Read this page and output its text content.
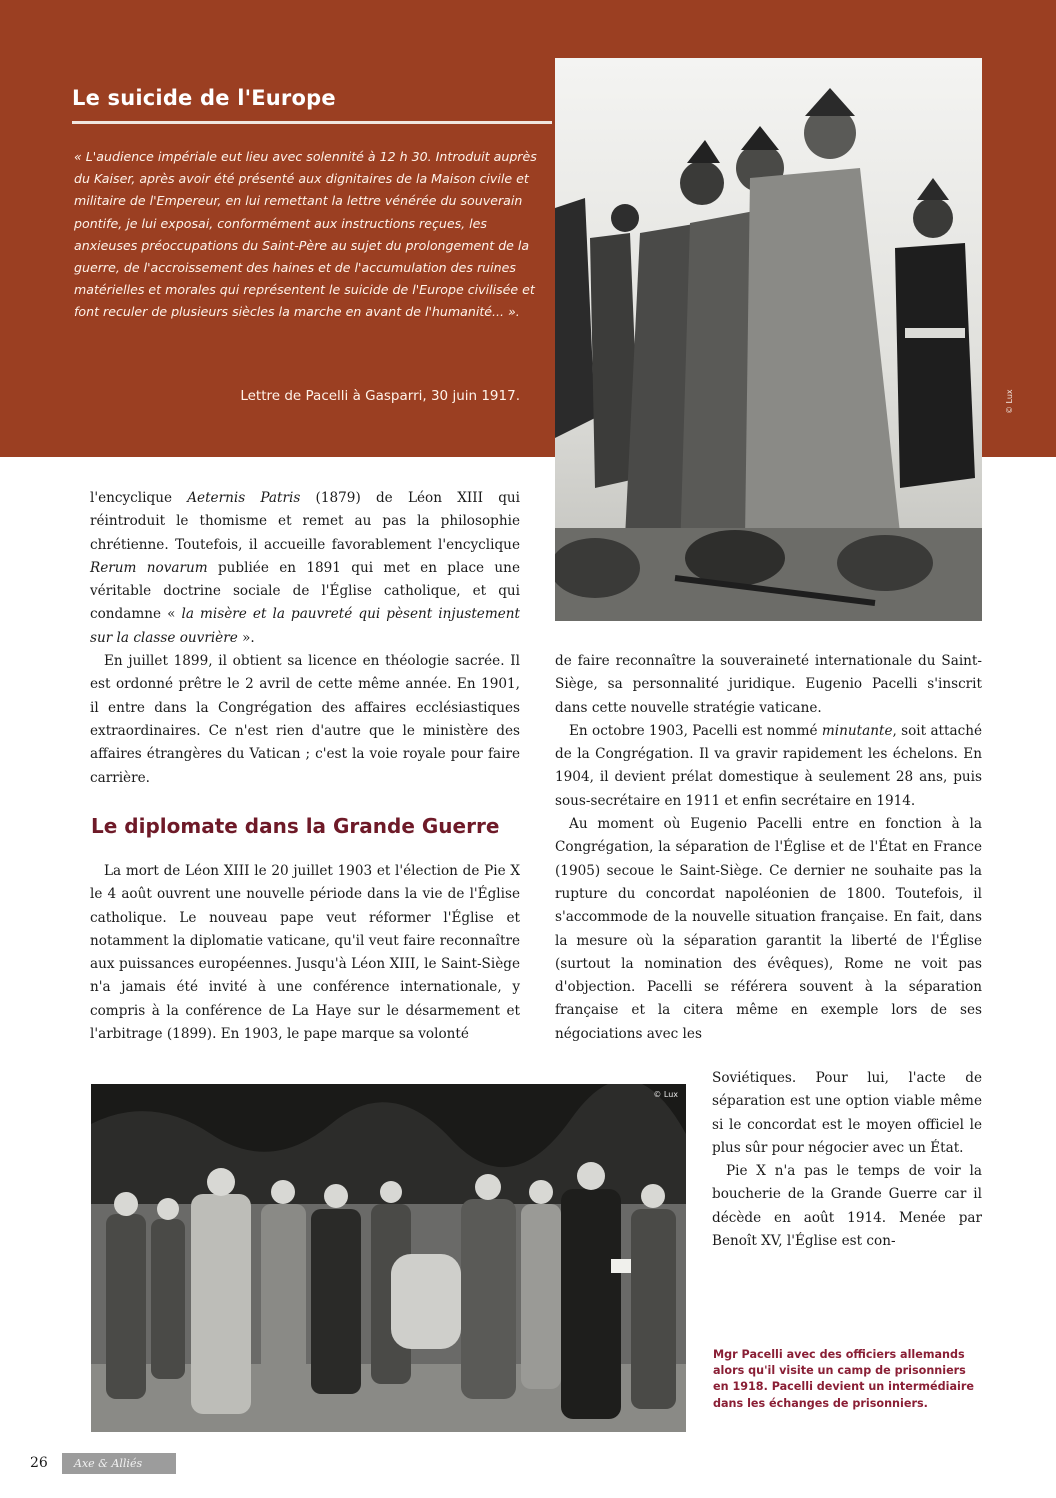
Le suicide de l'Europe

« L'audience impériale eut lieu avec solennité à 12 h 30. Introduit auprès du Kaiser, après avoir été présenté aux dignitaires de la Maison civile et militaire de l'Empereur, en lui remettant la lettre vénérée du souverain pontife, je lui exposai, conformément aux instructions reçues, les anxieuses préoccupations du Saint-Père au sujet du prolongement de la guerre, de l'accroissement des haines et de l'accumulation des ruines matérielles et morales qui représentent le suicide de l'Europe civilisée et font reculer de plusieurs siècles la marche en avant de l'humanité... ».

Lettre de Pacelli à Gasparri, 30 juin 1917.	© Lux

l'encyclique Aeternis Patris (1879) de Léon XIII qui réintroduit le thomisme et remet au pas la philosophie chrétienne. Toutefois, il accueille favorablement l'encyclique Rerum novarum publiée en 1891 qui met en place une véritable doctrine sociale de l'Église catholique, et qui condamne « la misère et la pauvreté qui pèsent injustement sur la classe ouvrière ».

En juillet 1899, il obtient sa licence en théologie sacrée. Il est ordonné prêtre le 2 avril de cette même année. En 1901, il entre dans la Congrégation des affaires ecclésiastiques extraordinaires. Ce n'est rien d'autre que le ministère des affaires étrangères du Vatican ; c'est la voie royale pour faire carrière.

Le diplomate dans la Grande Guerre

La mort de Léon XIII le 20 juillet 1903 et l'élection de Pie X le 4 août ouvrent une nouvelle période dans la vie de l'Église catholique. Le nouveau pape veut réformer l'Église et notamment la diplomatie vaticane, qu'il veut faire reconnaître aux puissances européennes. Jusqu'à Léon XIII, le Saint-Siège n'a jamais été invité à une conférence internationale, y compris à la conférence de La Haye sur le désarmement et l'arbitrage (1899). En 1903, le pape marque sa volonté

de faire reconnaître la souveraineté internationale du Saint-Siège, sa personnalité juridique. Eugenio Pacelli s'inscrit dans cette nouvelle stratégie vaticane.

En octobre 1903, Pacelli est nommé minutante, soit attaché de la Congrégation. Il va gravir rapidement les échelons. En 1904, il devient prélat domestique à seulement 28 ans, puis sous-secrétaire en 1911 et enfin secrétaire en 1914.

Au moment où Eugenio Pacelli entre en fonction à la Congrégation, la séparation de l'Église et de l'État en France (1905) secoue le Saint-Siège. Ce dernier ne souhaite pas la rupture du concordat napoléonien de 1800. Toutefois, il s'accommode de la nouvelle situation française. En fait, dans la mesure où la séparation garantit la liberté de l'Église (surtout la nomination des évêques), Rome ne voit pas d'objection. Pacelli se référera souvent à la séparation française et la citera même en exemple lors de ses négociations avec les

Soviétiques. Pour lui, l'acte de séparation est une option viable même si le concordat est le moyen officiel le plus sûr pour négocier avec un État.

Pie X n'a pas le temps de voir la boucherie de la Grande Guerre car il décède en août 1914. Menée par Benoît XV, l'Église est con-

© Lux

Mgr Pacelli avec des officiers allemands alors qu'il visite un camp de prisonniers en 1918. Pacelli devient un intermédiaire dans les échanges de prisonniers.

26	Axe & Alliés
